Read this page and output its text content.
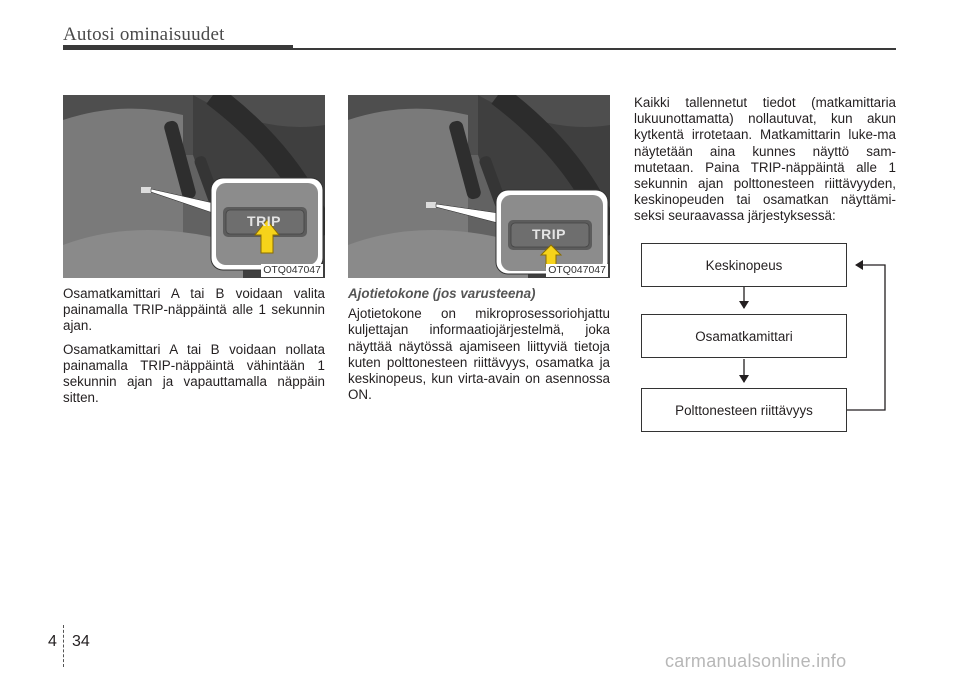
Autosi ominaisuudet
TRIP
OTQ047047
TRIP
OTQ047047

Osamatkamittari A tai B voidaan valita painamalla TRIP-näppäintä alle 1 sekunnin ajan.

Osamatkamittari A tai B voidaan nollata painamalla TRIP-näppäintä vähintään 1 sekunnin ajan ja vapauttamalla näppäin sitten.

Ajotietokone (jos varusteena)

Ajotietokone on mikroprosessoriohjattu kuljettajan informaatiojärjestelmä, joka näyttää näytössä ajamiseen liittyviä tietoja kuten polttonesteen riittävyys, osamatka ja keskinopeus, kun virta-avain on asennossa ON.

Kaikki tallennetut tiedot (matkamittaria lukuunottamatta) nollautuvat, kun akun kytkentä irrotetaan. Matkamittarin luke-ma näytetään aina kunnes näyttö sam-mutetaan. Paina TRIP-näppäintä alle 1 sekunnin ajan polttonesteen riittävyyden, keskinopeuden tai osamatkan näyttämi-seksi seuraavassa järjestyksessä:

Keskinopeus
Osamatkamittari
Polttonesteen riittävyys
4 34
carmanualsonline.info
